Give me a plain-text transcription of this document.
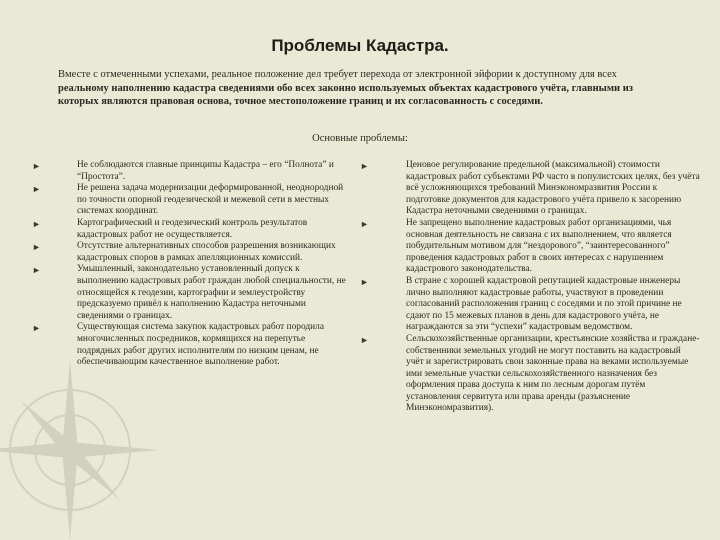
Проблемы Кадастра.
Вместе с отмеченными успехами, реальное положение дел требует перехода от электронной эйфории к доступному для всех реальному наполнению кадастра сведениями обо всех законно используемых объектах кадастрового учёта, главными из которых являются правовая основа, точное местоположение границ и их согласованность с соседями.
Основные проблемы:

►	Не соблюдаются главные принципы Кадастра – его “Полнота” и “Простота”.

►	Не решена задача модернизации деформированной, неоднородной по точности опорной геодезической и межевой сети в местных системах координат.

►	Картографический и геодезический контроль результатов кадастровых работ не осуществляется.

►	Отсутствие альтернативных способов разрешения возникающих кадастровых споров в рамках апелляционных комиссий.

►	Умышленный, законодательно установленный допуск к выполнению кадастровых работ граждан любой специальности, не относящейся к геодезии, картографии и землеустройству предсказуемо привёл к наполнению Кадастра неточными сведениями о границах.

►	Существующая система закупок кадастровых работ породила многочисленных посредников, кормящихся на перепутье подрядных работ других исполнителям по низким ценам, не обеспечивающим качественное выполнение работ.

►	Ценовое регулирование предельной (максимальной) стоимости кадастровых работ субъектами РФ часто в популистских целях, без учёта всё усложняющихся требований Минэкономразвития России к подготовке документов для кадастрового учёта привело к засорению Кадастра неточными сведениями о границах.

►	Не запрещено выполнение кадастровых работ организациями, чья основная деятельность не связана с их выполнением, что является побудительным мотивом для “нездорового”, “заинтересованного” проведения кадастровых работ в своих интересах с нарушением кадастрового законодательства.

►	В стране с хорошей кадастровой репутацией кадастровые инженеры лично выполняют кадастровые работы, участвуют в проведении согласований расположения границ с соседями и по этой причине не сдают по 15 межевых планов в день для кадастрового учёта, не награждаются за эти “успехи” кадастровым ведомством.

►	Сельскохозяйственные организации, крестьянские хозяйства и граждане-собственники земельных угодий не могут поставить на кадастровый учёт и зарегистрировать свои законные права на веками используемые ими земельные участки сельскохозяйственного назначения без оформления права доступа к ним по лесным дорогам путём установления сервитута или права аренды (разъяснение Минэкономразвития).
